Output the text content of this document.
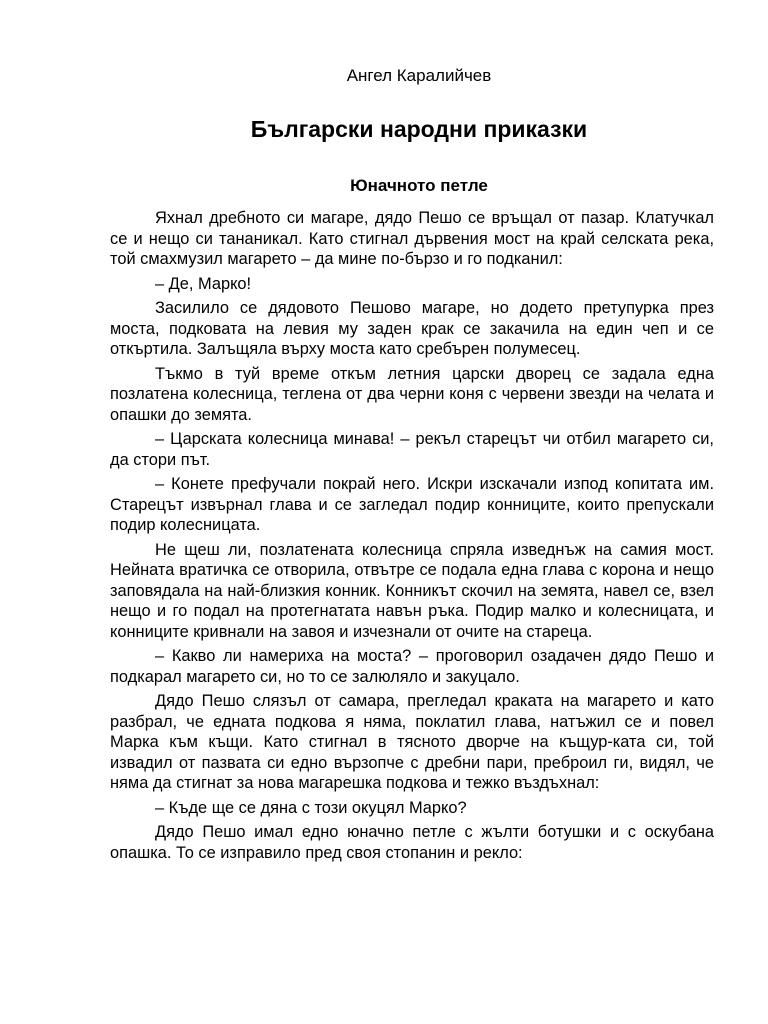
Ангел Каралийчев

Български народни приказки
Юначното петле

Яхнал дребното си магаре, дядо Пешо се връщал от пазар. Клатучкал се и нещо си тананикал. Като стигнал дървения мост на край селската река, той смахмузил магарето – да мине по-бързо и го подканил:

– Де, Марко!

Засилило се дядовото Пешово магаре, но додето претупурка през моста, подковата на левия му заден крак се закачила на един чеп и се откъртила. Залъщяла върху моста като сребърен полумесец.

Тъкмо в туй време откъм летния царски дворец се задала една позлатена колесница, теглена от два черни коня с червени звезди на челата и опашки до земята.

– Царската колесница минава! – рекъл старецът чи отбил магарето си, да стори път.

– Конете префучали покрай него. Искри изскачали изпод копитата им. Старецът извърнал глава и се загледал подир конниците, които препускали подир колесницата.

Не щеш ли, позлатената колесница спряла изведнъж на самия мост. Нейната вратичка се отворила, отвътре се подала една глава с корона и нещо заповядала на най-близкия конник. Конникът скочил на земята, навел се, взел нещо и го подал на протегнатата навън ръка. Подир малко и колесницата, и конниците кривнали на завоя и изчезнали от очите на стареца.

– Какво ли намериха на моста? – проговорил озадачен дядо Пешо и подкарал магарето си, но то се залюляло и закуцало.

Дядо Пешо слязъл от самара, прегледал краката на магарето и като разбрал, че едната подкова я няма, поклатил глава, натъжил се и повел Марка към къщи. Като стигнал в тясното дворче на къщур-ката си, той извадил от пазвата си едно вързопче с дребни пари, преброил ги, видял, че няма да стигнат за нова магарешка подкова и тежко въздъхнал:

– Къде ще се дяна с този окуцял Марко?

Дядо Пешо имал едно юначно петле с жълти ботушки и с оскубана опашка. То се изправило пред своя стопанин и рекло:
